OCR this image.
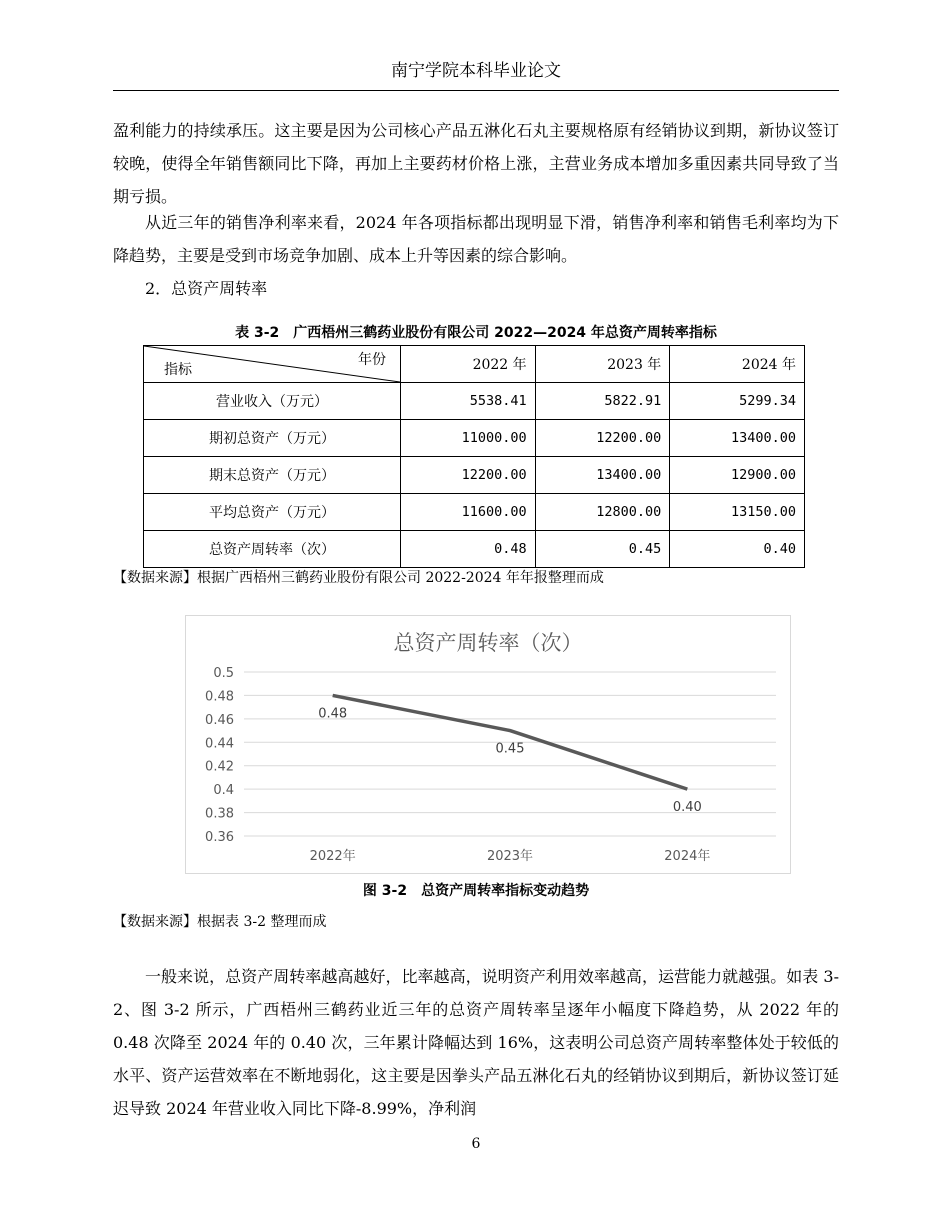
南宁学院本科毕业论文

盈利能力的持续承压。这主要是因为公司核心产品五淋化石丸主要规格原有经销协议到期，新协议签订较晚，使得全年销售额同比下降，再加上主要药材价格上涨，主营业务成本增加多重因素共同导致了当期亏损。

从近三年的销售净利率来看，2024 年各项指标都出现明显下滑，销售净利率和销售毛利率均为下降趋势，主要是受到市场竞争加剧、成本上升等因素的综合影响。

2．总资产周转率

表 3-2　广西梧州三鹤药业股份有限公司 2022—2024 年总资产周转率指标
年份
指标	2022 年	2023 年	2024 年
营业收入（万元）	5538.41	5822.91	5299.34
期初总资产（万元）	11000.00	12200.00	13400.00
期末总资产（万元）	12200.00	13400.00	12900.00
平均总资产（万元）	11600.00	12800.00	13150.00
总资产周转率（次）	0.48	0.45	0.40
【数据来源】根据广西梧州三鹤药业股份有限公司 2022-2024 年年报整理而成
总资产周转率（次）
0.5
0.48
0.46
0.44
0.42
0.4
0.38
0.36
2022年	2023年	2024年
0.48
0.45
0.40
图 3-2　总资产周转率指标变动趋势
【数据来源】根据表 3-2 整理而成

一般来说，总资产周转率越高越好，比率越高，说明资产利用效率越高，运营能力就越强。如表 3-2、图 3-2 所示，广西梧州三鹤药业近三年的总资产周转率呈逐年小幅度下降趋势，从 2022 年的 0.48 次降至 2024 年的 0.40 次，三年累计降幅达到 16%，这表明公司总资产周转率整体处于较低的水平、资产运营效率在不断地弱化，这主要是因拳头产品五淋化石丸的经销协议到期后，新协议签订延迟导致 2024 年营业收入同比下降-8.99%，净利润

6
